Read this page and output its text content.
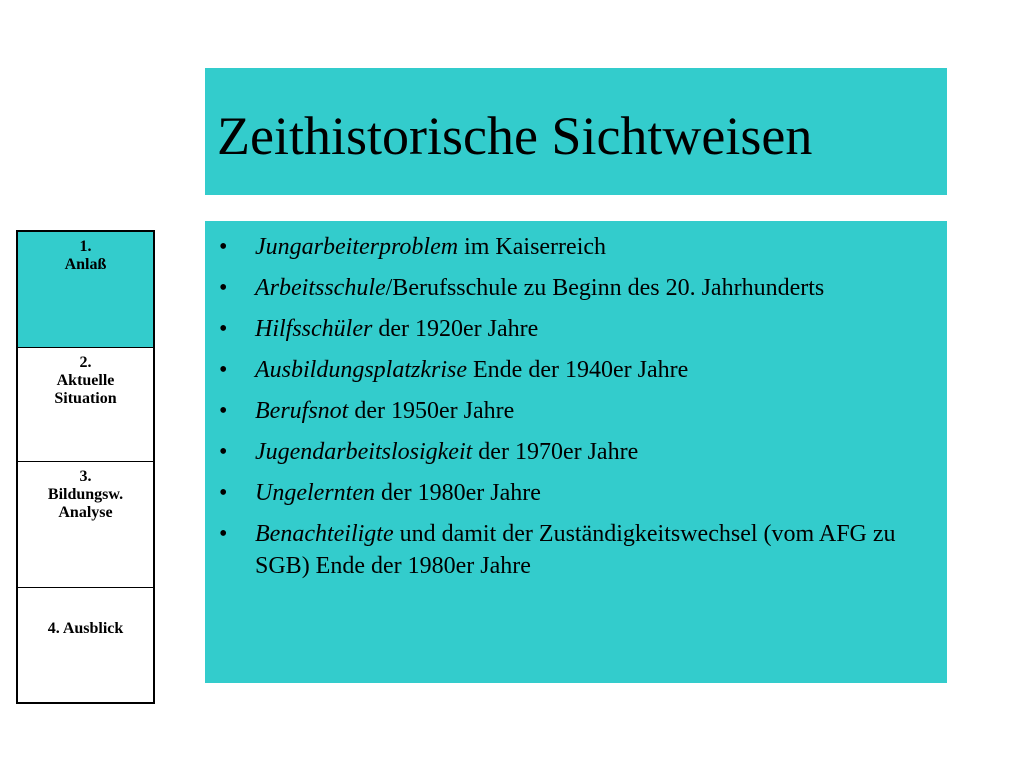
Zeithistorische Sichtweisen
1.
Anlaß
2.
Aktuelle
Situation
3.
Bildungsw.
Analyse
4. Ausblick
• Jungarbeiterproblem im Kaiserreich
• Arbeitsschule/Berufsschule zu Beginn des 20. Jahrhunderts
• Hilfsschüler der 1920er Jahre
• Ausbildungsplatzkrise Ende der 1940er Jahre
• Berufsnot der 1950er Jahre
• Jugendarbeitslosigkeit der 1970er Jahre
• Ungelernten der 1980er Jahre
• Benachteiligte und damit der Zuständigkeitswechsel (vom AFG zu SGB) Ende der 1980er Jahre
